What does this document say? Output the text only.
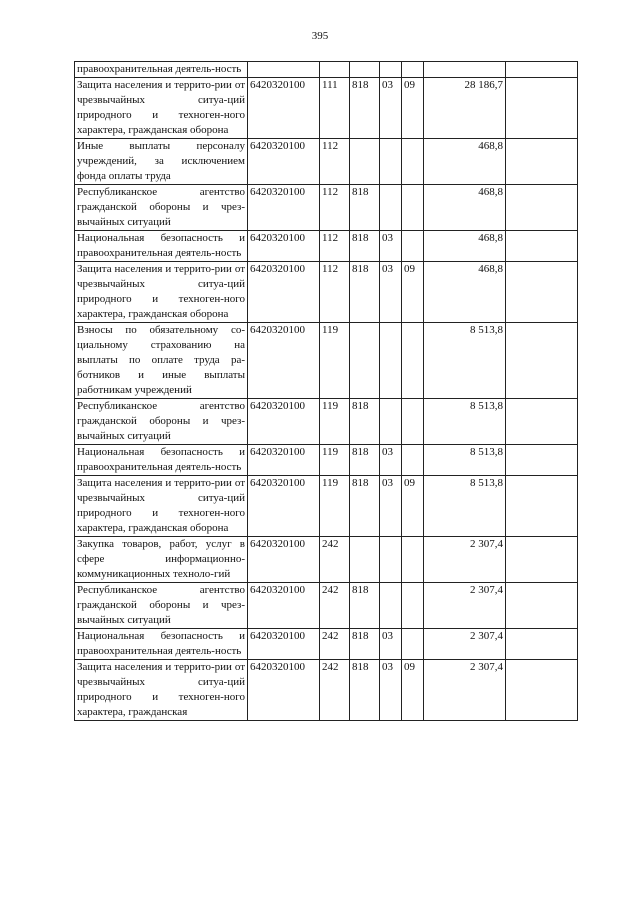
395
правоохранительная деятель-ность							
Защита населения и террито-рии от чрезвычайных ситуа-ций природного и техноген-ного характера, гражданская оборона	6420320100	111	818	03	09	28 186,7	
Иные выплаты персоналу учреждений, за исключением фонда оплаты труда	6420320100	112				468,8	
Республиканское агентство гражданской обороны и чрез-вычайных ситуаций	6420320100	112	818			468,8	
Национальная безопасность и правоохранительная деятель-ность	6420320100	112	818	03		468,8	
Защита населения и террито-рии от чрезвычайных ситуа-ций природного и техноген-ного характера, гражданская оборона	6420320100	112	818	03	09	468,8	
Взносы по обязательному со-циальному страхованию на выплаты по оплате труда ра-ботников и иные выплаты работникам учреждений	6420320100	119				8 513,8	
Республиканское агентство гражданской обороны и чрез-вычайных ситуаций	6420320100	119	818			8 513,8	
Национальная безопасность и правоохранительная деятель-ность	6420320100	119	818	03		8 513,8	
Защита населения и террито-рии от чрезвычайных ситуа-ций природного и техноген-ного характера, гражданская оборона	6420320100	119	818	03	09	8 513,8	
Закупка товаров, работ, услуг в сфере информационно-коммуникационных техноло-гий	6420320100	242				2 307,4	
Республиканское агентство гражданской обороны и чрез-вычайных ситуаций	6420320100	242	818			2 307,4	
Национальная безопасность и правоохранительная деятель-ность	6420320100	242	818	03		2 307,4	
Защита населения и террито-рии от чрезвычайных ситуа-ций природного и техноген-ного характера, гражданская	6420320100	242	818	03	09	2 307,4	
